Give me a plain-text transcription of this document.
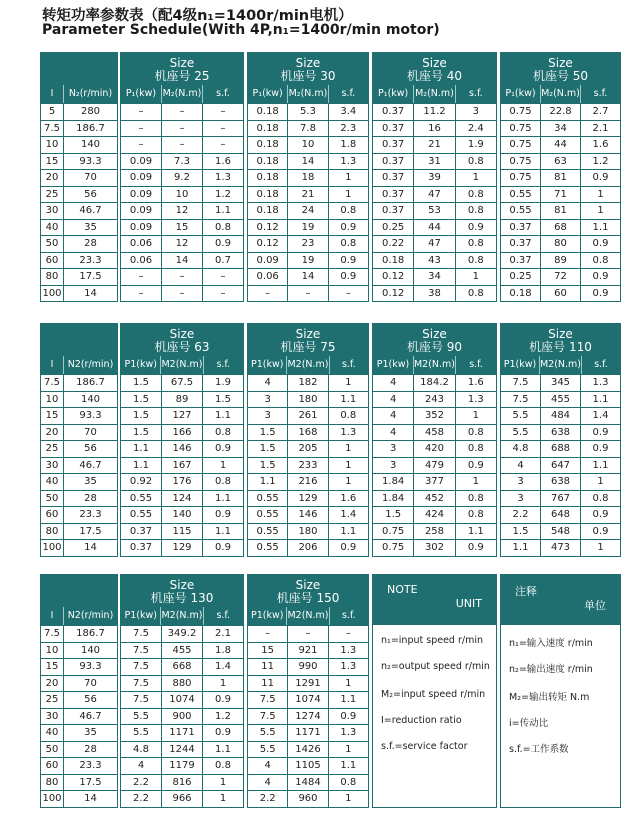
转矩功率参数表（配4级n₁=1400r/min电机）
Parameter Schedule(With 4P,n₁=1400r/min motor)
I	N₂(r/min)
5	280
7.5	186.7
10	140
15	93.3
20	70
25	56
30	46.7
40	35
50	28
60	23.3
80	17.5
100	14
Size
机座号 25
P₁(kw) M₂(N.m)	s.f.
–	–	–
–	–	–
–	–	–
0.09	7.3	1.6
0.09	9.2	1.3
0.09	10	1.2
0.09	12	1.1
0.09	15	0.8
0.06	12	0.9
0.06	14	0.7
–	–	–
–	–	–
Size
机座号 30
P₁(kw) M₂(N.m)	s.f.
0.18	5.3	3.4
0.18	7.8	2.3
0.18	10	1.8
0.18	14	1.3
0.18	18	1
0.18	21	1
0.18	24	0.8
0.12	19	0.9
0.12	23	0.8
0.09	19	0.9
0.06	14	0.9
–	–	–
Size
机座号 40
P₁(kw) M₂(N.m)	s.f.
0.37	11.2	3
0.37	16	2.4
0.37	21	1.9
0.37	31	0.8
0.37	39	1
0.37	47	0.8
0.37	53	0.8
0.25	44	0.9
0.22	47	0.8
0.18	43	0.8
0.12	34	1
0.12	38	0.8
Size
机座号 50
P₁(kw) M₂(N.m)	s.f.
0.75	22.8	2.7
0.75	34	2.1
0.75	44	1.6
0.75	63	1.2
0.75	81	0.9
0.55	71	1
0.55	81	1
0.37	68	1.1
0.37	80	0.9
0.37	89	0.8
0.25	72	0.9
0.18	60	0.9
I	N2(r/min)
7.5	186.7
10	140
15	93.3
20	70
25	56
30	46.7
40	35
50	28
60	23.3
80	17.5
100	14
Size
机座号 63
P1(kw) M2(N.m)	s.f.
1.5	67.5	1.9
1.5	89	1.5
1.5	127	1.1
1.5	166	0.8
1.1	146	0.9
1.1	167	1
0.92	176	0.8
0.55	124	1.1
0.55	140	0.9
0.37	115	1.1
0.37	129	0.9
Size
机座号 75
P1(kw) M2(N.m)	s.f.
4	182	1
3	180	1.1
3	261	0.8
1.5	168	1.3
1.5	205	1
1.5	233	1
1.1	216	1
0.55	129	1.6
0.55	146	1.4
0.55	180	1.1
0.55	206	0.9
Size
机座号 90
P1(kw) M2(N.m)	s.f.
4	184.2	1.6
4	243	1.3
4	352	1
4	458	0.8
3	420	0.8
3	479	0.9
1.84	377	1
1.84	452	0.8
1.5	424	0.8
0.75	258	1.1
0.75	302	0.9
Size
机座号 110
P1(kw) M2(N.m)	s.f.
7.5	345	1.3
7.5	455	1.1
5.5	484	1.4
5.5	638	0.9
4.8	688	0.9
4	647	1.1
3	638	1
3	767	0.8
2.2	648	0.9
1.5	548	0.9
1.1	473	1
I	N2(r/min)
7.5	186.7
10	140
15	93.3
20	70
25	56
30	46.7
40	35
50	28
60	23.3
80	17.5
100	14
Size
机座号 130
P1(kw) M2(N.m)	s.f.
7.5	349.2	2.1
7.5	455	1.8
7.5	668	1.4
7.5	880	1
7.5	1074	0.9
5.5	900	1.2
5.5	1171	0.9
4.8	1244	1.1
4	1179	0.8
2.2	816	1
2.2	966	1
Size
机座号 150
P1(kw) M2(N.m)	s.f.
–	–	–
15	921	1.3
11	990	1.3
11	1291	1
7.5	1074	1.1
7.5	1274	0.9
5.5	1171	1.3
5.5	1426	1
4	1105	1.1
4	1484	0.8
2.2	960	1
NOTE
UNIT
n₁=input speed r/min
n₂=output speed r/min
M₂=input speed r/min
I=reduction ratio
s.f.=service factor
注释
单位
n₁=输入速度 r/min
n₂=输出速度 r/min
M₂=输出转矩 N.m
i=传动比
s.f.=工作系数
